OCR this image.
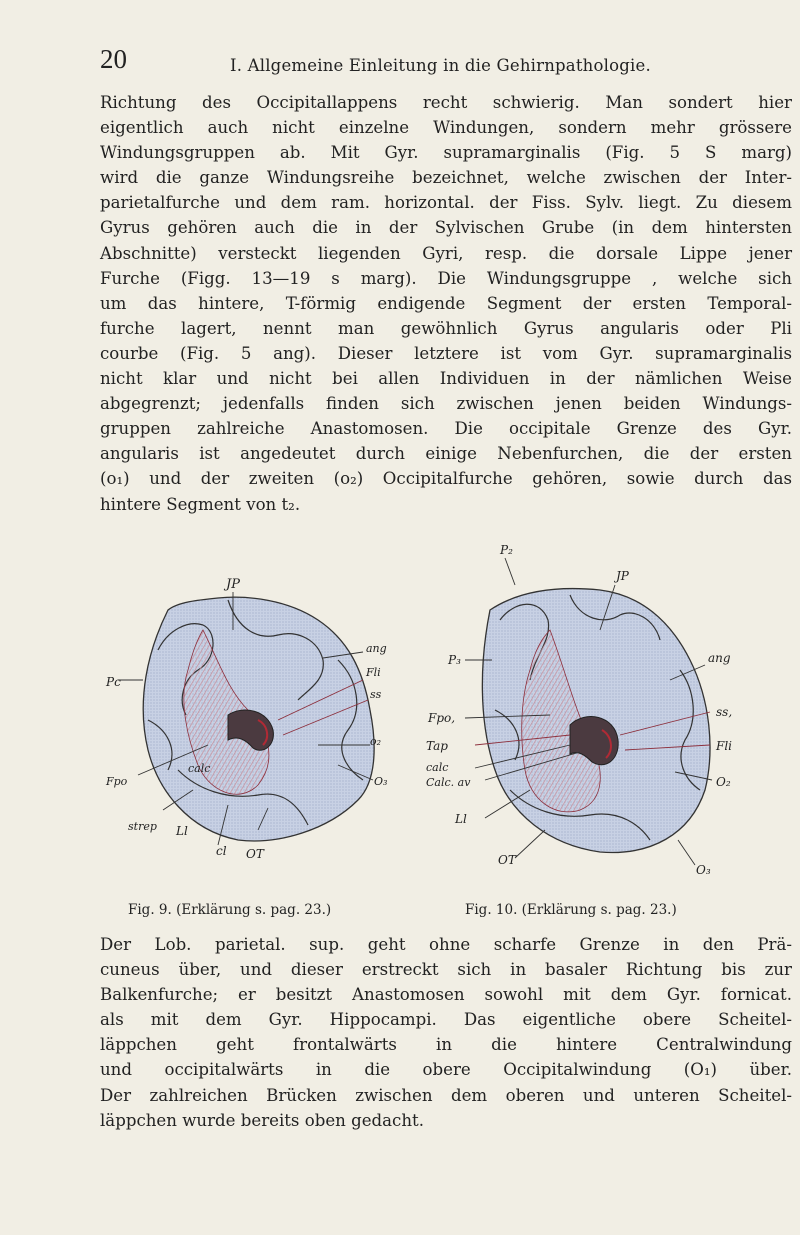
20	I. Allgemeine Einleitung in die Gehirnpathologie.
Richtung des Occipitallappens recht schwierig. Man sondert hier
eigentlich auch nicht einzelne Windungen, sondern mehr grössere
Windungsgruppen ab. Mit Gyr. supramarginalis (Fig. 5 S marg)
wird die ganze Windungsreihe bezeichnet, welche zwischen der Inter-
parietalfurche und dem ram. horizontal. der Fiss. Sylv. liegt. Zu diesem
Gyrus gehören auch die in der Sylvischen Grube (in dem hintersten
Abschnitte) versteckt liegenden Gyri, resp. die dorsale Lippe jener
Furche (Figg. 13—19 s marg). Die Windungsgruppe , welche sich
um das hintere, T-förmig endigende Segment der ersten Temporal-
furche lagert, nennt man gewöhnlich Gyrus angularis oder Pli
courbe (Fig. 5 ang). Dieser letztere ist vom Gyr. supramarginalis
nicht klar und nicht bei allen Individuen in der nämlichen Weise
abgegrenzt; jedenfalls finden sich zwischen jenen beiden Windungs-
gruppen zahlreiche Anastomosen. Die occipitale Grenze des Gyr.
angularis ist angedeutet durch einige Nebenfurchen, die der ersten
(o₁) und der zweiten (o₂) Occipitalfurche gehören, sowie durch das
hintere Segment von t₂.
JP
Pc
ang
Fli
ss
o₂
O₃
Fpo
calc
strep Ll
cl OT
P₂
JP
P₃	ang
Fpo,	ss,
Tap	Fli
calc
Calc. av	O₂
Ll
OT
O₃
Fig. 9. (Erklärung s. pag. 23.)	Fig. 10. (Erklärung s. pag. 23.)
Der Lob. parietal. sup. geht ohne scharfe Grenze in den Prä-
cuneus über, und dieser erstreckt sich in basaler Richtung bis zur
Balkenfurche; er besitzt Anastomosen sowohl mit dem Gyr. fornicat.
als mit dem Gyr. Hippocampi. Das eigentliche obere Scheitel-
läppchen geht frontalwärts in die hintere Centralwindung
und occipitalwärts in die obere Occipitalwindung (O₁) über.
Der zahlreichen Brücken zwischen dem oberen und unteren Scheitel-
läppchen wurde bereits oben gedacht.
